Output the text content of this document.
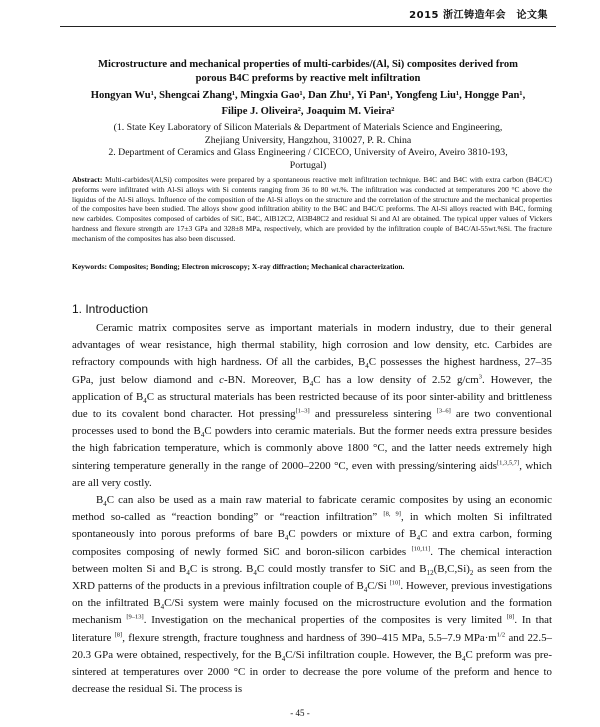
2015 浙江铸造年会　论文集
Microstructure and mechanical properties of multi-carbides/(Al, Si) composites derived from
porous B4C preforms by reactive melt infiltration
Hongyan Wu¹, Shengcai Zhang¹, Mingxia Gao¹, Dan Zhu¹, Yi Pan¹, Yongfeng Liu¹, Hongge Pan¹,
Filipe J. Oliveira², Joaquim M. Vieira²
(1. State Key Laboratory of Silicon Materials & Department of Materials Science and Engineering,
Zhejiang University, Hangzhou, 310027, P. R. China
2. Department of Ceramics and Glass Engineering / CICECO, University of Aveiro, Aveiro 3810-193,
Portugal)
Abstract: Multi-carbides/(Al,Si) composites were prepared by a spontaneous reactive melt infiltration technique. B4C and B4C with extra carbon (B4C/C) preforms were infiltrated with Al-Si alloys with Si contents ranging from 36 to 80 wt.%. The infiltration was conducted at temperatures 200 °C above the liquidus of the Al-Si alloys. Influence of the composition of the Al-Si alloys on the structure and the correlation of the structure and the mechanical properties of the composites have been studied. The alloys show good infiltration ability to the B4C and B4C/C preforms. The Al-Si alloys reacted with B4C, forming new carbides. Composites composed of carbides of SiC, B4C, AlB12C2, Al3B48C2 and residual Si and Al are obtained. The typical upper values of Vickers hardness and flexure strength are 17±3 GPa and 328±8 MPa, respectively, which are provided by the infiltration couple of B4C/Al-55wt.%Si. The fracture mechanism of the composites has also been discussed.
Keywords: Composites; Bonding; Electron microscopy; X-ray diffraction; Mechanical characterization.
1. Introduction

Ceramic matrix composites serve as important materials in modern industry, due to their general advantages of wear resistance, high thermal stability, high corrosion and low density, etc. Carbides are refractory compounds with high hardness. Of all the carbides, $B_4C$ possesses the highest hardness, 27–35 GPa, just below diamond and c-BN. Moreover, $B_4C$ has a low density of 2.52 $g/cm^3$. However, the application of $B_4C$ as structural materials has been restricted because of its poor sinter-ability and brittleness due to its covalent bond character. Hot pressing[1–3] and pressureless sintering [3–6] are two conventional processes used to bond the $B_4C$ powders into ceramic materials. But the former needs extra pressure besides the high fabrication temperature, which is commonly above 1800 °C, and the latter needs extremely high sintering temperature generally in the range of 2000–2200 °C, even with pressing/sintering aids[1,3,5,7], which are all very costly.

$B_4C$ can also be used as a main raw material to fabricate ceramic composites by using an economic method so-called as “reaction bonding” or “reaction infiltration” [8, 9], in which molten Si infiltrated spontaneously into porous preforms of bare $B_4C$ powders or mixture of $B_4C$ and extra carbon, forming composites composing of newly formed SiC and boron-silicon carbides [10,11]. The chemical interaction between molten Si and $B_4C$ is strong. $B_4C$ could mostly transfer to SiC and $B_{12}(B,C,Si)_2$ as seen from the XRD patterns of the products in a previous infiltration couple of $B_4C/Si$ [10]. However, previous investigations on the infiltrated $B_4C/Si$ system were mainly focused on the microstructure evolution and the formation mechanism [9–13]. Investigation on the mechanical properties of the composites is very limited [8]. In that literature [8], flexure strength, fracture toughness and hardness of 390–415 MPa, 5.5–7.9 $MPa\cdot m^{1/2}$ and 22.5–20.3 GPa were obtained, respectively, for the $B_4C/Si$ infiltration couple. However, the $B_4C$ preform was pre-sintered at temperatures over 2000 °C in order to decrease the pore volume of the preform and hence to decrease the residual Si. The process is

- 45 -
